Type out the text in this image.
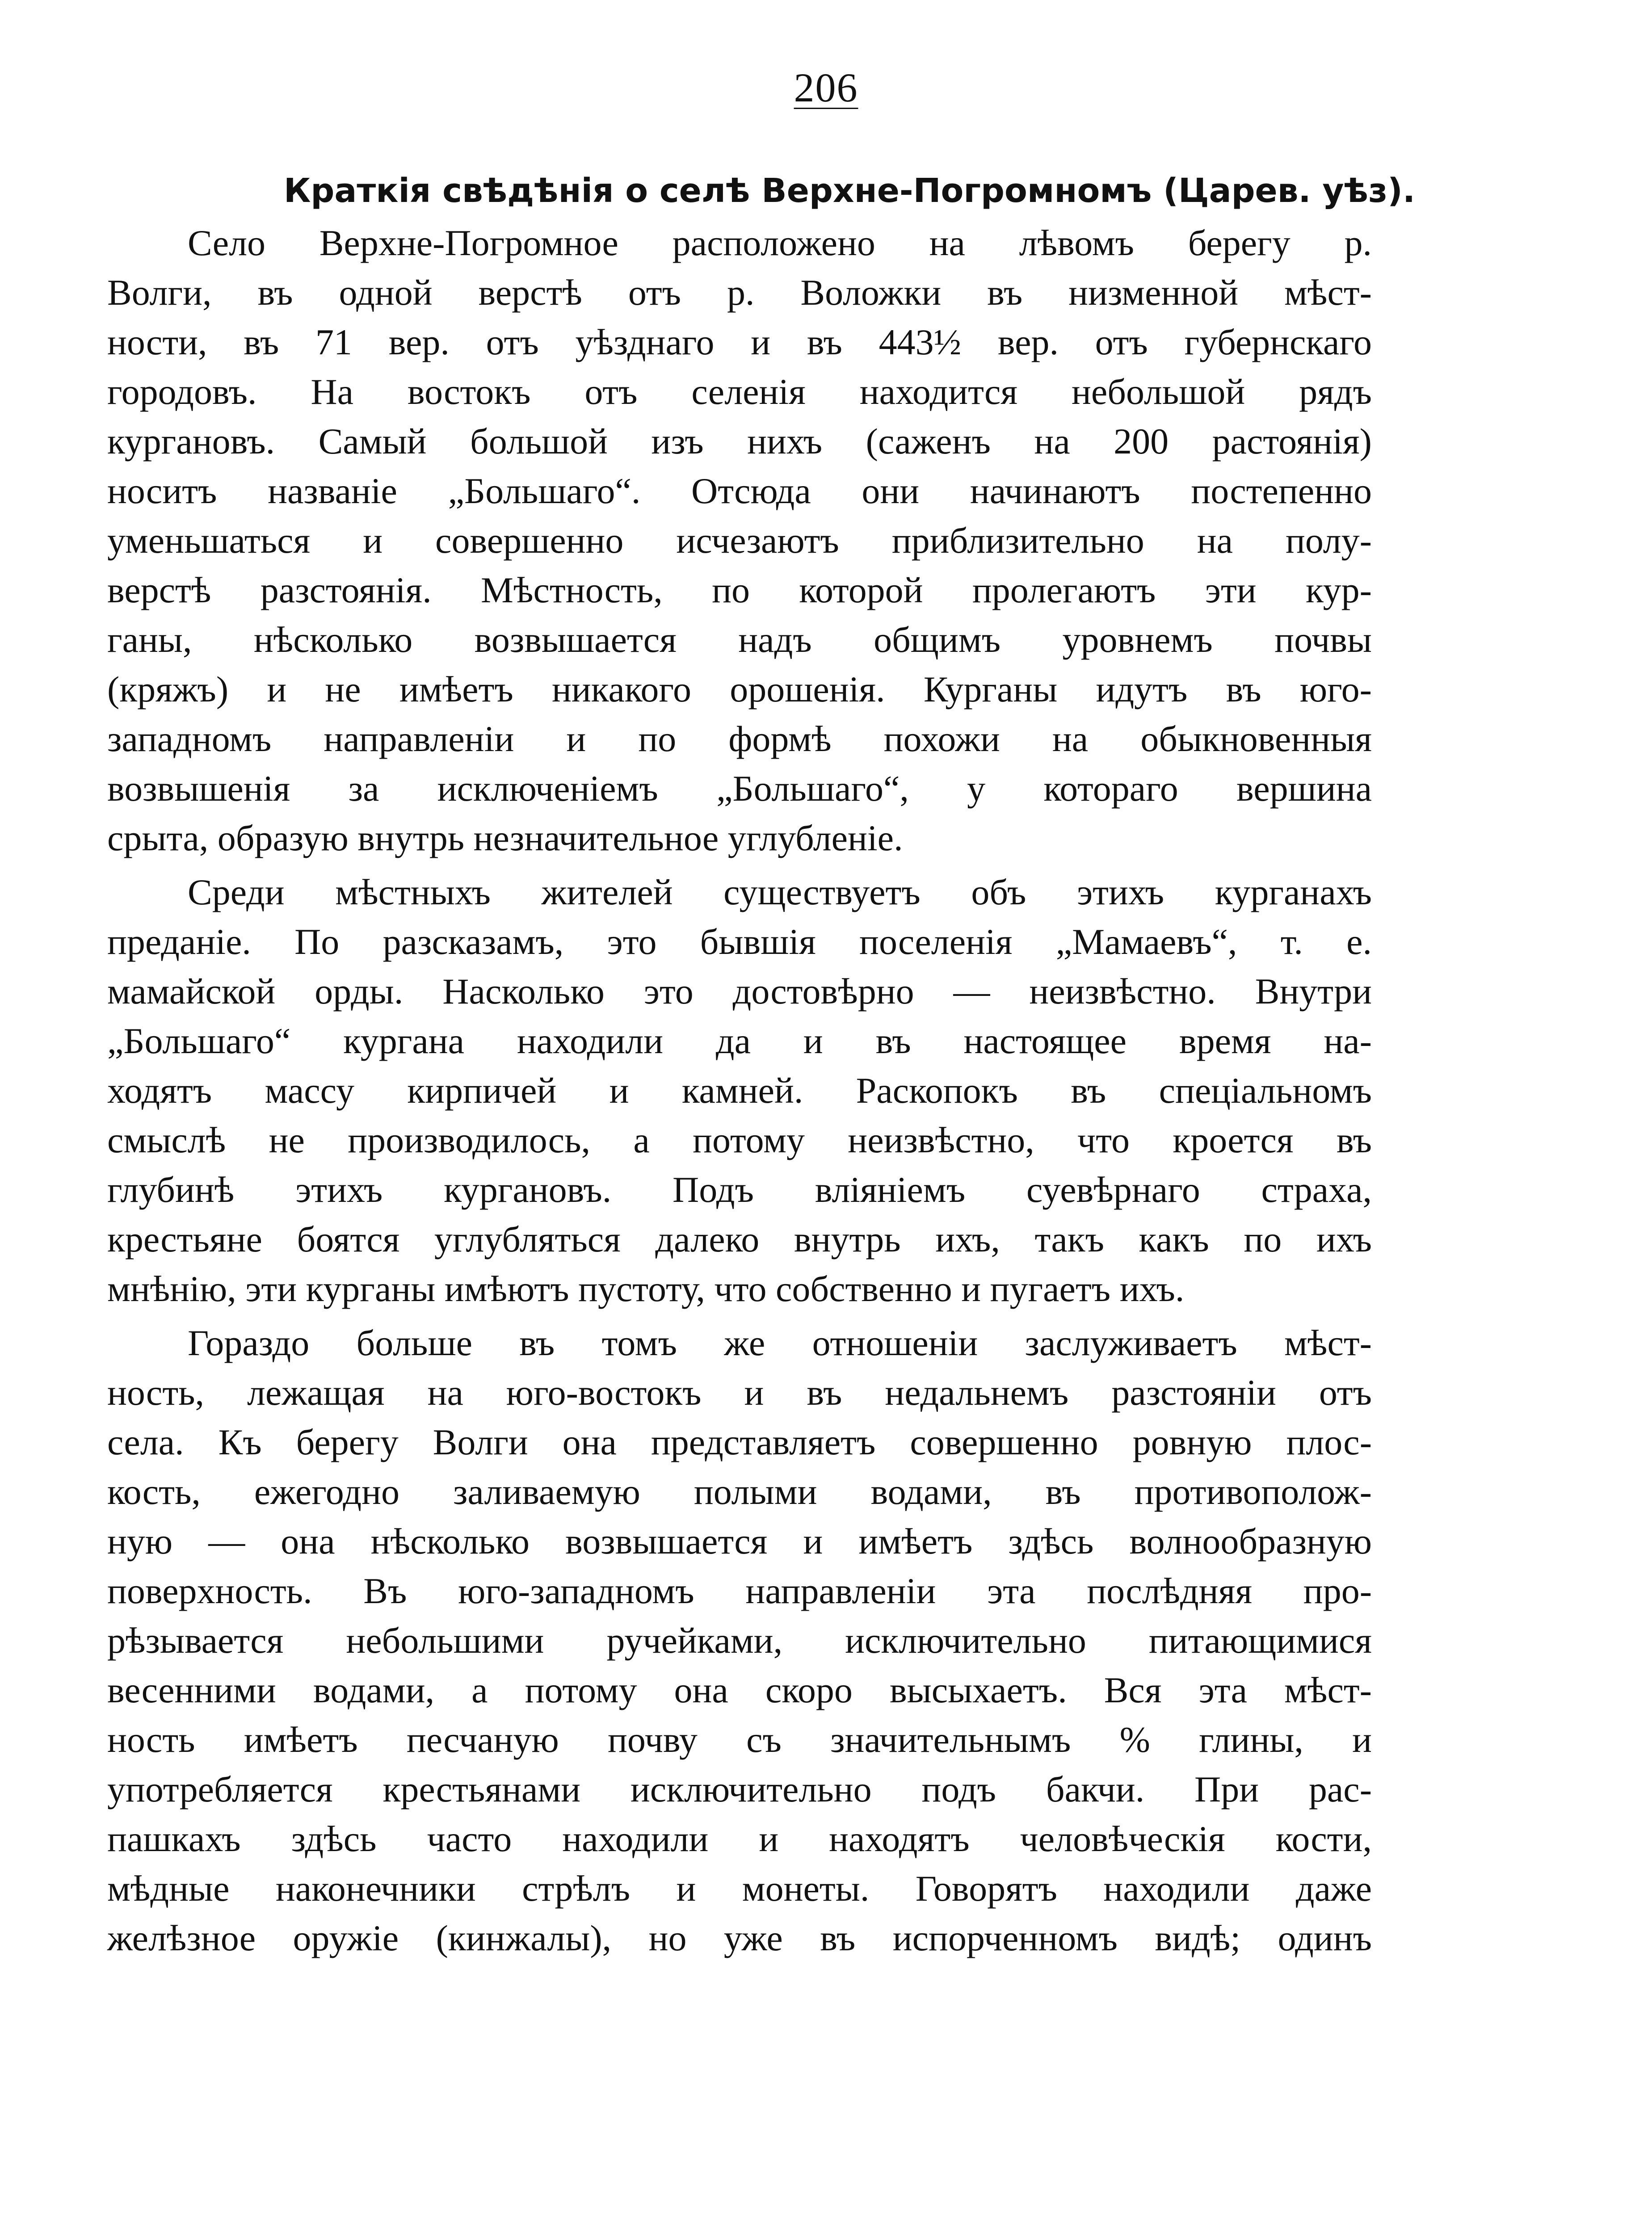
206
Краткія свѣдѣнія о селѣ Верхне-Погромномъ (Царев. уѣз).
Село Верхне-Погромное расположено на лѣвомъ берегу р.
Волги, въ одной верстѣ отъ р. Воложки въ низменной мѣст-
ности, въ 71 вер. отъ уѣзднаго и въ 443½ вер. отъ губернскаго
городовъ. На востокъ отъ селенія находится небольшой рядъ
кургановъ. Самый большой изъ нихъ (саженъ на 200 растоянія)
носитъ названіе „Большаго“. Отсюда они начинаютъ постепенно
уменьшаться и совершенно исчезаютъ приблизительно на полу-
верстѣ разстоянія. Мѣстность, по которой пролегаютъ эти кур-
ганы, нѣсколько возвышается надъ общимъ уровнемъ почвы
(кряжъ) и не имѣетъ никакого орошенія. Курганы идутъ въ юго-
западномъ направленіи и по формѣ похожи на обыкновенныя
возвышенія за исключеніемъ „Большаго“, у котораго вершина
срыта, образую внутрь незначительное углубленіе.
Среди мѣстныхъ жителей существуетъ объ этихъ курганахъ
преданіе. По разсказамъ, это бывшія поселенія „Мамаевъ“, т. е.
мамайской орды. Насколько это достовѣрно — неизвѣстно. Внутри
„Большаго“ кургана находили да и въ настоящее время на-
ходятъ массу кирпичей и камней. Раскопокъ въ спеціальномъ
смыслѣ не производилось, а потому неизвѣстно, что кроется въ
глубинѣ этихъ кургановъ. Подъ вліяніемъ суевѣрнаго страха,
крестьяне боятся углубляться далеко внутрь ихъ, такъ какъ по ихъ
мнѣнію, эти курганы имѣютъ пустоту, что собственно и пугаетъ ихъ.
Гораздо больше въ томъ же отношеніи заслуживаетъ мѣст-
ность, лежащая на юго-востокъ и въ недальнемъ разстояніи отъ
села. Къ берегу Волги она представляетъ совершенно ровную плос-
кость, ежегодно заливаемую полыми водами, въ противополож-
ную — она нѣсколько возвышается и имѣетъ здѣсь волнообразную
поверхность. Въ юго-западномъ направленіи эта послѣдняя про-
рѣзывается небольшими ручейками, исключительно питающимися
весенними водами, а потому она скоро высыхаетъ. Вся эта мѣст-
ность имѣетъ песчаную почву съ значительнымъ % глины, и
употребляется крестьянами исключительно подъ бакчи. При рас-
пашкахъ здѣсь часто находили и находятъ человѣческія кости,
мѣдные наконечники стрѣлъ и монеты. Говорятъ находили даже
желѣзное оружіе (кинжалы), но уже въ испорченномъ видѣ; одинъ
